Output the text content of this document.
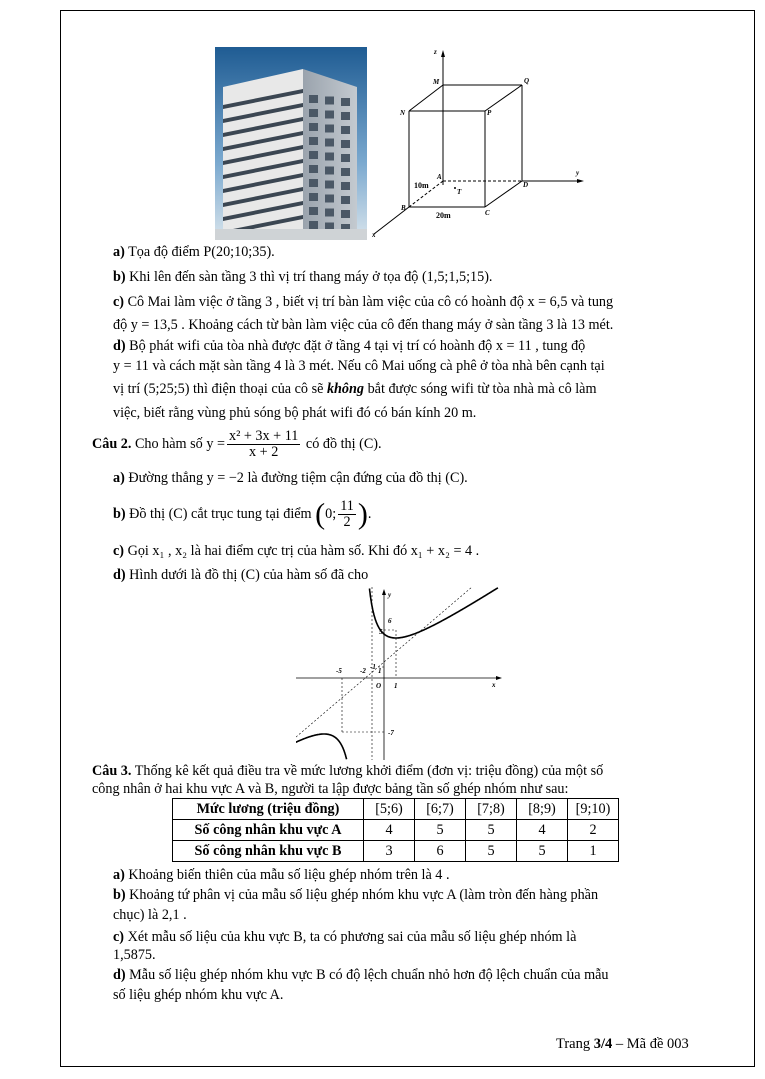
z
y
x
M	Q
N	P
A
B
C
D
T
10m
20m
a) Tọa độ điểm P(20;10;35).
b) Khi lên đến sàn tầng 3 thì vị trí thang máy ở tọa độ (1,5;1,5;15).
c) Cô Mai làm việc ở tầng 3 , biết vị trí bàn làm việc của cô có hoành độ x = 6,5 và tung
độ y = 13,5 . Khoảng cách từ bàn làm việc của cô đến thang máy ở sàn tầng 3 là 13 mét.
d) Bộ phát wifi của tòa nhà được đặt ở tầng 4 tại vị trí có hoành độ x = 11 , tung độ
y = 11 và cách mặt sàn tầng 4 là 3 mét. Nếu cô Mai uống cà phê ở tòa nhà bên cạnh tại
vị trí (5;25;5) thì điện thoại của cô sẽ không bắt được sóng wifi từ tòa nhà mà cô làm
việc, biết rằng vùng phủ sóng bộ phát wifi đó có bán kính 20 m.
Câu 2. Cho hàm số $y = \frac{\text{x² + 3x + 11}}{x + 2}$ có đồ thị (C).
a) Đường thẳng y = −2 là đường tiệm cận đứng của đồ thị (C).
b) Đồ thị (C) cắt trục tung tại điểm (0; $\frac{11}{2}$ ).
c) Gọi x₁ , x₂ là hai điểm cực trị của hàm số. Khi đó x₁ + x₂ = 4 .
d) Hình dưới là đồ thị (C) của hàm số đã cho
y
x
O
6
5
-7
-5	-2 -1 1
1
Câu 3. Thống kê kết quả điều tra về mức lương khởi điểm (đơn vị: triệu đồng) của một số
công nhân ở hai khu vực A và B, người ta lập được bảng tần số ghép nhóm như sau:
Mức lương (triệu đồng)	[5;6)	[6;7)	[7;8)	[8;9)	[9;10)
Số công nhân khu vực A	4	5	5	4	2
Số công nhân khu vực B	3	6	5	5	1
a) Khoảng biến thiên của mẫu số liệu ghép nhóm trên là 4 .
b) Khoảng tứ phân vị của mẫu số liệu ghép nhóm khu vực A (làm tròn đến hàng phần
chục) là 2,1 .
c) Xét mẫu số liệu của khu vực B, ta có phương sai của mẫu số liệu ghép nhóm là
1,5875.
d) Mẫu số liệu ghép nhóm khu vực B có độ lệch chuẩn nhỏ hơn độ lệch chuẩn của mẫu
số liệu ghép nhóm khu vực A.
Trang 3/4 – Mã đề 003
